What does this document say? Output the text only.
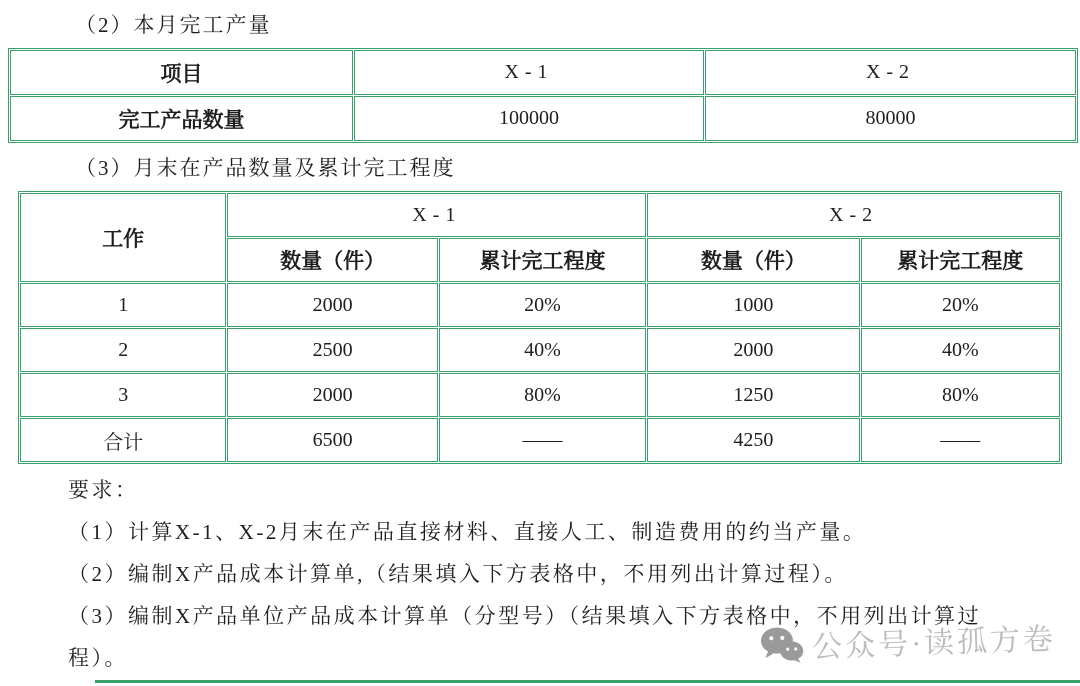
（2）本月完工产量

项目	X-1	X-2
完工产品数量	100000	80000

（3）月末在产品数量及累计完工程度

工作	X-1		X-2	
	数量（件）	累计完工程度	数量（件）	累计完工程度
1	2000	20%	1000	20%
2	2500	40%	2000	40%
3	2000	80%	1250	80%
合计	6500	——	4250	——

要求：

（1）计算X-1、X-2月末在产品直接材料、直接人工、制造费用的约当产量。

（2）编制X产品成本计算单,（结果填入下方表格中，不用列出计算过程）。

（3）编制X产品单位产品成本计算单（分型号）（结果填入下方表格中，不用列出计算过

程）。	公众号·读孤方卷
